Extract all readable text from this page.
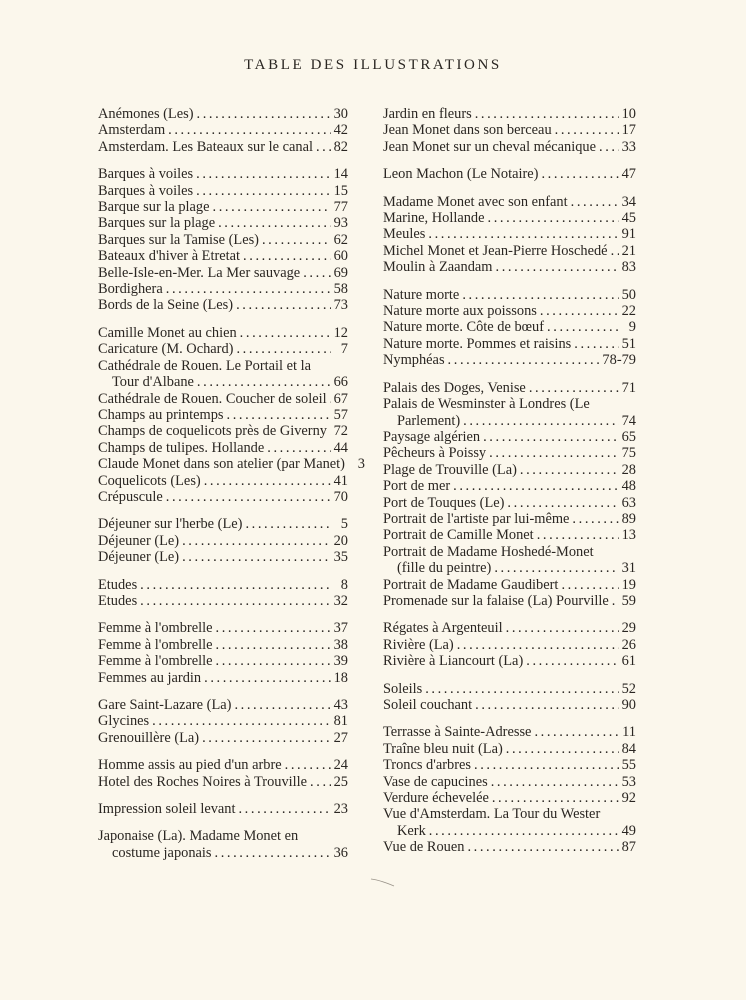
TABLE DES ILLUSTRATIONS
Anémones (Les) . . .	30
Amsterdam . . .	42
Amsterdam. Les Bateaux sur le canal . . . 82
Barques à voiles . . .	14
Barques à voiles . . .	15
Barque sur la plage . . .	77
Barques sur la plage . . .	93
Barques sur la Tamise (Les) . . .	62
Bateaux d'hiver à Etretat . . .	60
Belle-Isle-en-Mer. La Mer sauvage . . . 69
Bordighera . . .	58
Bords de la Seine (Les) . . .	73
Camille Monet au chien . . .	12
Caricature (M. Ochard) . . .	7
Cathédrale de Rouen. Le Portail et la
Tour d'Albane . . .	66
Cathédrale de Rouen. Coucher de soleil . . . 67
Champs au printemps . . .	57
Champs de coquelicots près de Giverny . . . 72
Champs de tulipes. Hollande . . .	44
Claude Monet dans son atelier (par Manet) 3
Coquelicots (Les) . . .	41
Crépuscule . . .	70
Déjeuner sur l'herbe (Le) . . .	5
Déjeuner (Le) . . .	20
Déjeuner (Le) . . .	35
Etudes . . .	8
Etudes . . .	32
Femme à l'ombrelle . . .	37
Femme à l'ombrelle . . .	38
Femme à l'ombrelle . . .	39
Femmes au jardin . . .	18
Gare Saint-Lazare (La) . . .	43
Glycines . . .	81
Grenouillère (La) . . .	27
Homme assis au pied d'un arbre . . .	24
Hotel des Roches Noires à Trouville . . . 25
Impression soleil levant . . .	23
Japonaise (La). Madame Monet en
costume japonais . . .	36
Jardin en fleurs . . .	10
Jean Monet dans son berceau . . .	17
Jean Monet sur un cheval mécanique . . . 33
Leon Machon (Le Notaire) . . .	47
Madame Monet avec son enfant . . .	34
Marine, Hollande . . .	45
Meules . . .	91
Michel Monet et Jean-Pierre Hoschedé . . . 21
Moulin à Zaandam . . .	83
Nature morte . . .	50
Nature morte aux poissons . . .	22
Nature morte. Côte de bœuf . . .	9
Nature morte. Pommes et raisins . . .	51
Nymphéas . . .	78-79
Palais des Doges, Venise . . .	71
Palais de Wesminster à Londres (Le
Parlement) . . .	74
Paysage algérien . . .	65
Pêcheurs à Poissy . . .	75
Plage de Trouville (La) . . .	28
Port de mer . . .	48
Port de Touques (Le) . . .	63
Portrait de l'artiste par lui-même . . .	89
Portrait de Camille Monet . . .	13
Portrait de Madame Hoshedé-Monet
(fille du peintre) . . .	31
Portrait de Madame Gaudibert . . .	19
Promenade sur la falaise (La) Pourville . . . 59
Régates à Argenteuil . . .	29
Rivière (La) . . .	26
Rivière à Liancourt (La) . . .	61
Soleils . . .	52
Soleil couchant . . .	90
Terrasse à Sainte-Adresse . . .	11
Traîne bleu nuit (La) . . .	84
Troncs d'arbres . . .	55
Vase de capucines . . .	53
Verdure échevelée . . .	92
Vue d'Amsterdam. La Tour du Wester
Kerk . . .	49
Vue de Rouen . . .	87
